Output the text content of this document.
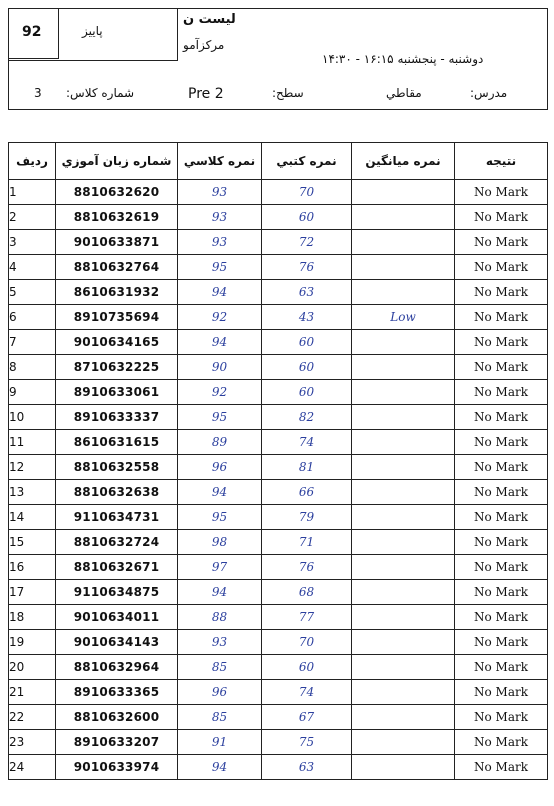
92	پاییز
لیست ن
مرکزآمو
دوشنبه - پنجشنبه ۱۶:۱۵ - ۱۴:۳۰
مدرس:
مقاطي
سطح:
Pre 2
شماره كلاس:
3
رديف	شماره زبان آموزي	نمره كلاسي	نمره كتبي	نمره ميانگين	نتيجه
1	8810632620	93	70		No Mark
2	8810632619	93	60		No Mark
3	9010633871	93	72		No Mark
4	8810632764	95	76		No Mark
5	8610631932	94	63		No Mark
6	8910735694	92	43	Low	No Mark
7	9010634165	94	60		No Mark
8	8710632225	90	60		No Mark
9	8910633061	92	60		No Mark
10	8910633337	95	82		No Mark
11	8610631615	89	74		No Mark
12	8810632558	96	81		No Mark
13	8810632638	94	66		No Mark
14	9110634731	95	79		No Mark
15	8810632724	98	71		No Mark
16	8810632671	97	76		No Mark
17	9110634875	94	68		No Mark
18	9010634011	88	77		No Mark
19	9010634143	93	70		No Mark
20	8810632964	85	60		No Mark
21	8910633365	96	74		No Mark
22	8810632600	85	67		No Mark
23	8910633207	91	75		No Mark
24	9010633974	94	63		No Mark
